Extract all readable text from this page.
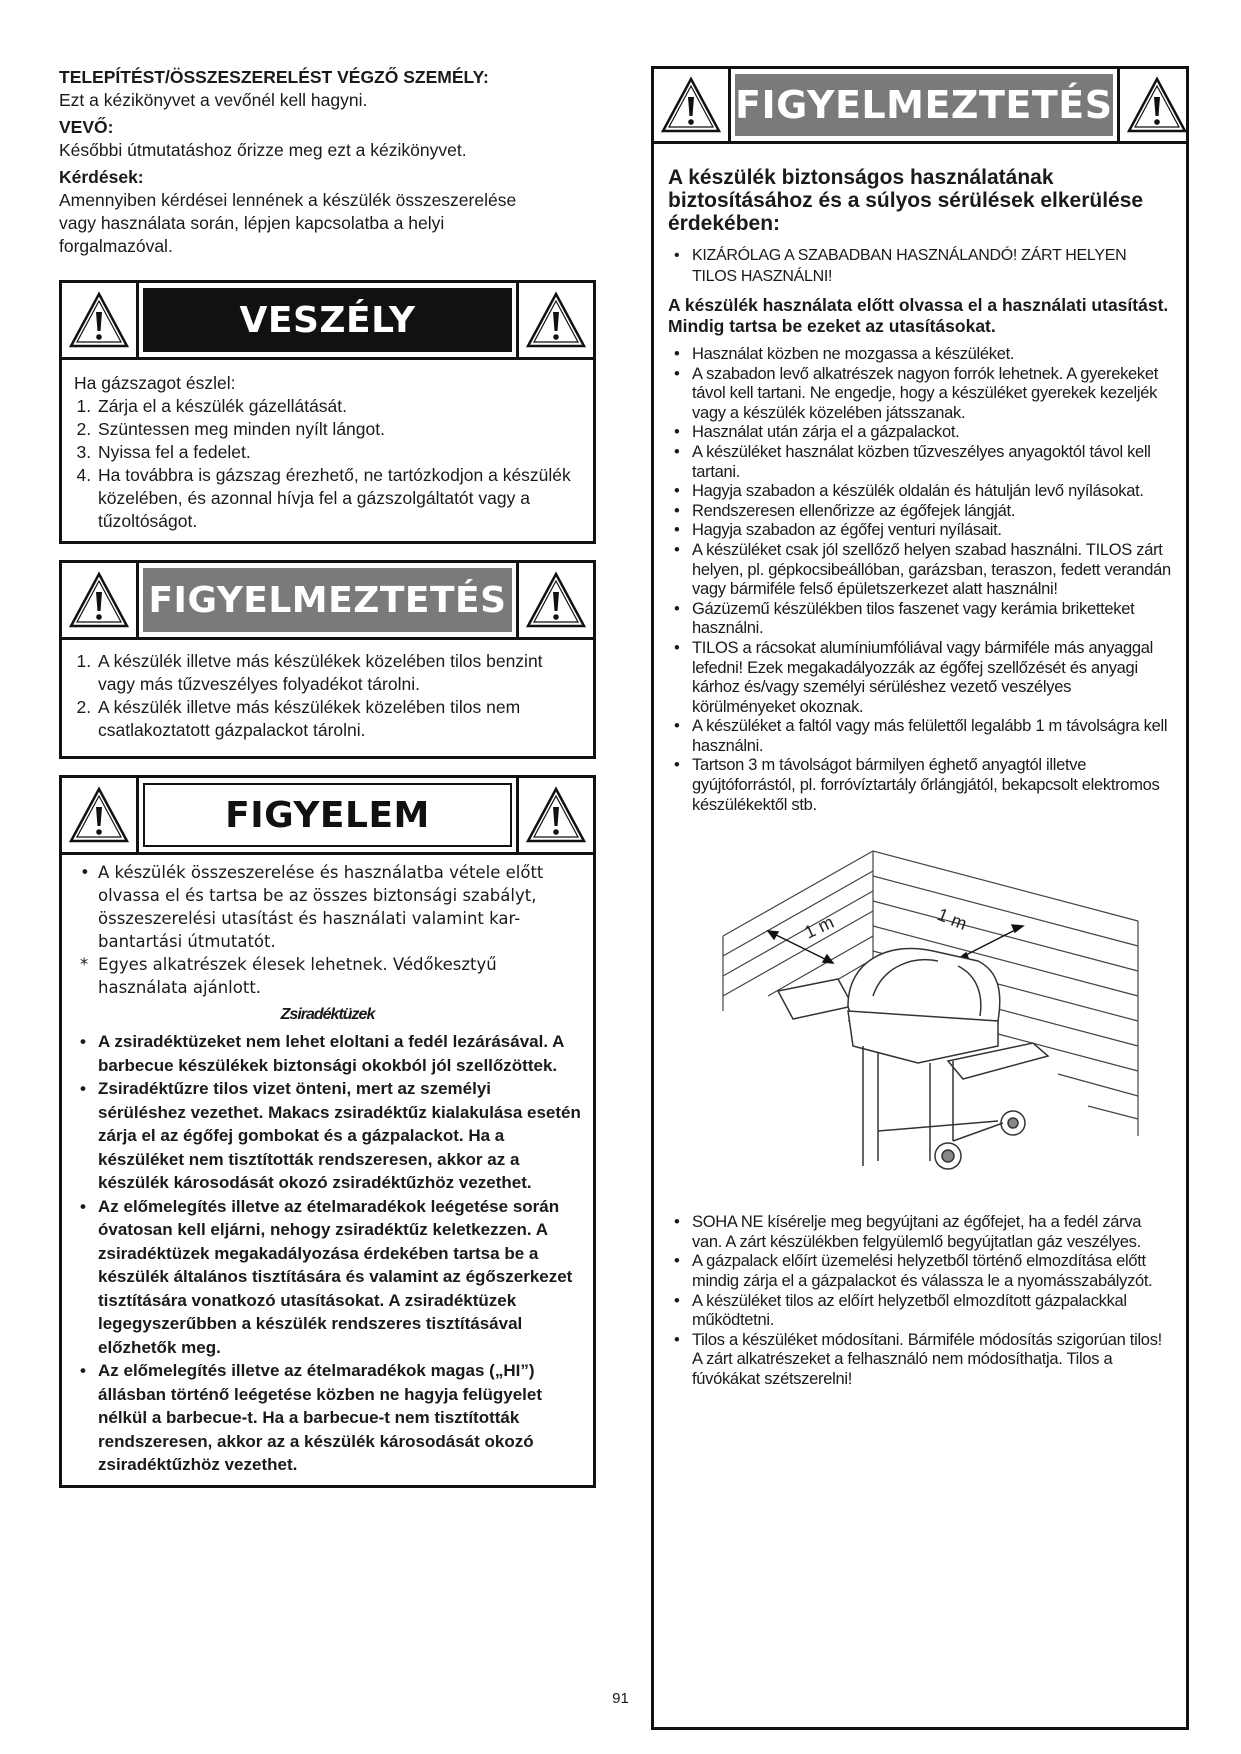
TELEPÍTÉST/ÖSSZESZERELÉST VÉGZŐ SZEMÉLY:

Ezt a kézikönyvet a vevőnél kell hagyni.

VEVŐ:

Későbbi útmutatáshoz őrizze meg ezt a kézikönyvet.

Kérdések:

Amennyiben kérdései lennének a készülék összeszerelése

vagy használata során, lépjen kapcsolatba a helyi

forgalmazóval.

VESZÉLY

Ha gázszagot észlel:

1. Zárja el a készülék gázellátását.
2. Szüntessen meg minden nyílt lángot.
3. Nyissa fel a fedelet.
4. Ha továbbra is gázszag érezhető, ne tartózkodjon a készülék közelében, és azonnal hívja fel a gázszolgáltatót vagy a tűzoltóságot.
FIGYELMEZTETÉS
1. A készülék illetve más készülékek közelében tilos benzint vagy más tűzveszélyes folyadékot tárolni.
2. A készülék illetve más készülékek közelében tilos nem csatlakoztatott gázpalackot tárolni.
FIGYELEM
• A készülék összeszerelése és használatba vétele előtt olvassa el és tartsa be az összes biztonsági szabályt, összeszerelési utasítást és használati valamint kar-bantartási útmutatót.
* Egyes alkatrészek élesek lehetnek. Védőkesztyű használata ajánlott.

Zsiradéktüzek

• A zsiradéktüzeket nem lehet eloltani a fedél lezárásával. A barbecue készülékek biztonsági okokból jól szellőzöttek.
• Zsiradéktűzre tilos vizet önteni, mert az személyi sérüléshez vezethet. Makacs zsiradéktűz kialakulása esetén zárja el az égőfej gombokat és a gázpalackot. Ha a készüléket nem tisztították rendszeresen, akkor az a készülék károsodását okozó zsiradéktűzhöz vezethet.
• Az előmelegítés illetve az ételmaradékok leégetése során óvatosan kell eljárni, nehogy zsiradéktűz keletkezzen. A zsiradéktüzek megakadályozása érdekében tartsa be a készülék általános tisztítására és valamint az égőszerkezet tisztítására vonatkozó utasításokat. A zsiradéktüzek legegyszerűbben a készülék rendszeres tisztításával előzhetők meg.
• Az előmelegítés illetve az ételmaradékok magas („HI”) állásban történő leégetése közben ne hagyja felügyelet nélkül a barbecue-t. Ha a barbecue-t nem tisztították rendszeresen, akkor az a készülék károsodását okozó zsiradéktűzhöz vezethet.
FIGYELMEZTETÉS

A készülék biztonságos használatának biztosításához és a súlyos sérülések elkerülése érdekében:

• KIZÁRÓLAG A SZABADBAN HASZNÁLANDÓ! ZÁRT HELYEN TILOS HASZNÁLNI!

A készülék használata előtt olvassa el a használati utasítást. Mindig tartsa be ezeket az utasításokat.

• Használat közben ne mozgassa a készüléket.
• A szabadon levő alkatrészek nagyon forrók lehetnek. A gyerekeket távol kell tartani. Ne engedje, hogy a készüléket gyerekek kezeljék vagy a készülék közelében játsszanak.
• Használat után zárja el a gázpalackot.
• A készüléket használat közben tűzveszélyes anyagoktól távol kell tartani.
• Hagyja szabadon a készülék oldalán és hátulján levő nyílásokat.
• Rendszeresen ellenőrizze az égőfejek lángját.
• Hagyja szabadon az égőfej venturi nyílásait.
• A készüléket csak jól szellőző helyen szabad használni. TILOS zárt helyen, pl. gépkocsibeállóban, garázsban, teraszon, fedett verandán vagy bármiféle felső épületszerkezet alatt használni!
• Gázüzemű készülékben tilos faszenet vagy kerámia briketteket használni.
• TILOS a rácsokat alumíniumfóliával vagy bármiféle más anyaggal lefedni! Ezek megakadályozzák az égőfej szellőzését és anyagi kárhoz és/vagy személyi sérüléshez vezető veszélyes körülményeket okoznak.
• A készüléket a faltól vagy más felülettől legalább 1 m távolságra kell használni.
• Tartson 3 m távolságot bármilyen éghető anyagtól illetve gyújtóforrástól, pl. forróvíztartály őrlángjától, bekapcsolt elektromos készülékektől stb.
1 m	1 m
• SOHA NE kísérelje meg begyújtani az égőfejet, ha a fedél zárva van. A zárt készülékben felgyülemlő begyújtatlan gáz veszélyes.
• A gázpalack előírt üzemelési helyzetből történő elmozdítása előtt mindig zárja el a gázpalackot és válassza le a nyomásszabályzót.
• A készüléket tilos az előírt helyzetből elmozdított gázpalackkal működtetni.
• Tilos a készüléket módosítani. Bármiféle módosítás szigorúan tilos! A zárt alkatrészeket a felhasználó nem módosíthatja. Tilos a fúvókákat szétszerelni!
91
